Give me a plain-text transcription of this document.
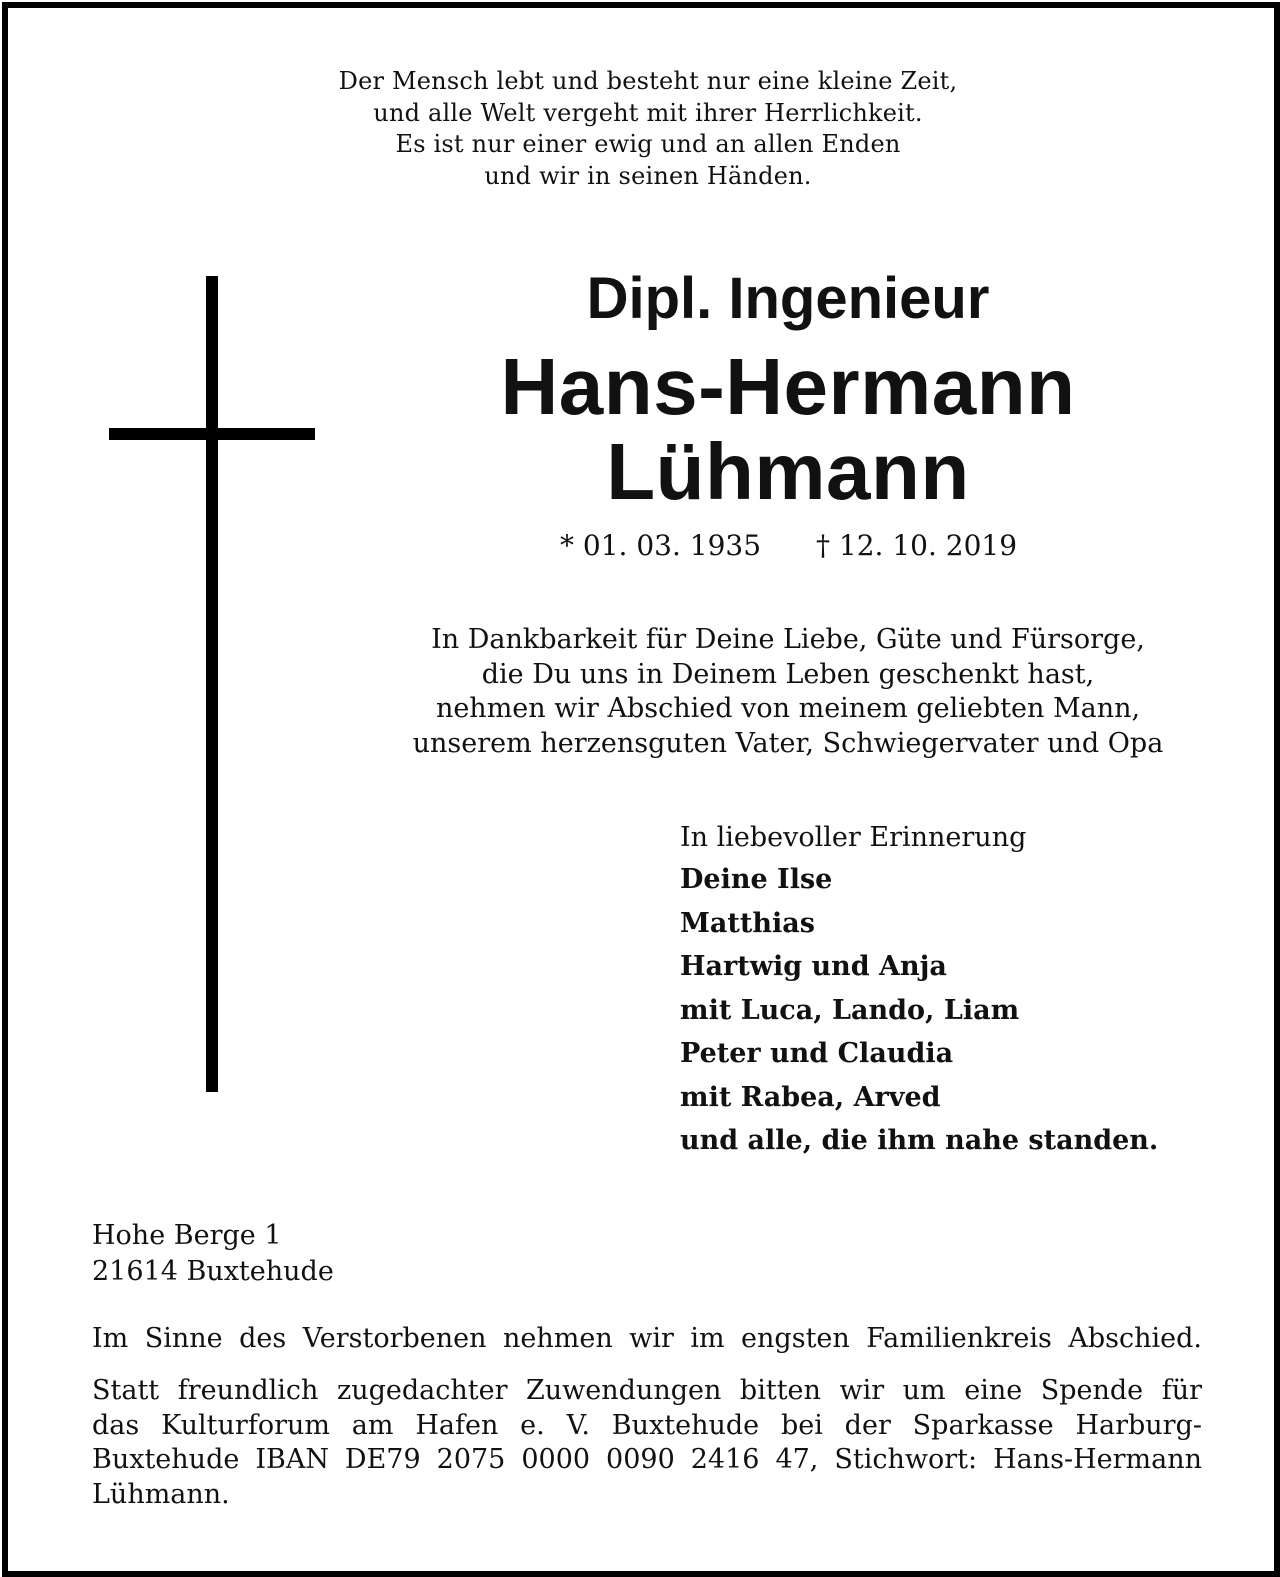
Der Mensch lebt und besteht nur eine kleine Zeit,
und alle Welt vergeht mit ihrer Herrlichkeit.
Es ist nur einer ewig und an allen Enden
und wir in seinen Händen.
Dipl. Ingenieur
Hans-Hermann
Lühmann
* 01. 03. 1935 † 12. 10. 2019
In Dankbarkeit für Deine Liebe, Güte und Fürsorge,
die Du uns in Deinem Leben geschenkt hast,
nehmen wir Abschied von meinem geliebten Mann,
unserem herzensguten Vater, Schwiegervater und Opa
In liebevoller Erinnerung
Deine Ilse
Matthias
Hartwig und Anja
mit Luca, Lando, Liam
Peter und Claudia
mit Rabea, Arved
und alle, die ihm nahe standen.
Hohe Berge 1
21614 Buxtehude
Im Sinne des Verstorbenen nehmen wir im engsten Familienkreis Abschied.
Statt freundlich zugedachter Zuwendungen bitten wir um eine Spende für
das Kulturforum am Hafen e. V. Buxtehude bei der Sparkasse Harburg-
Buxtehude IBAN DE79 2075 0000 0090 2416 47, Stichwort: Hans-Hermann
Lühmann.
